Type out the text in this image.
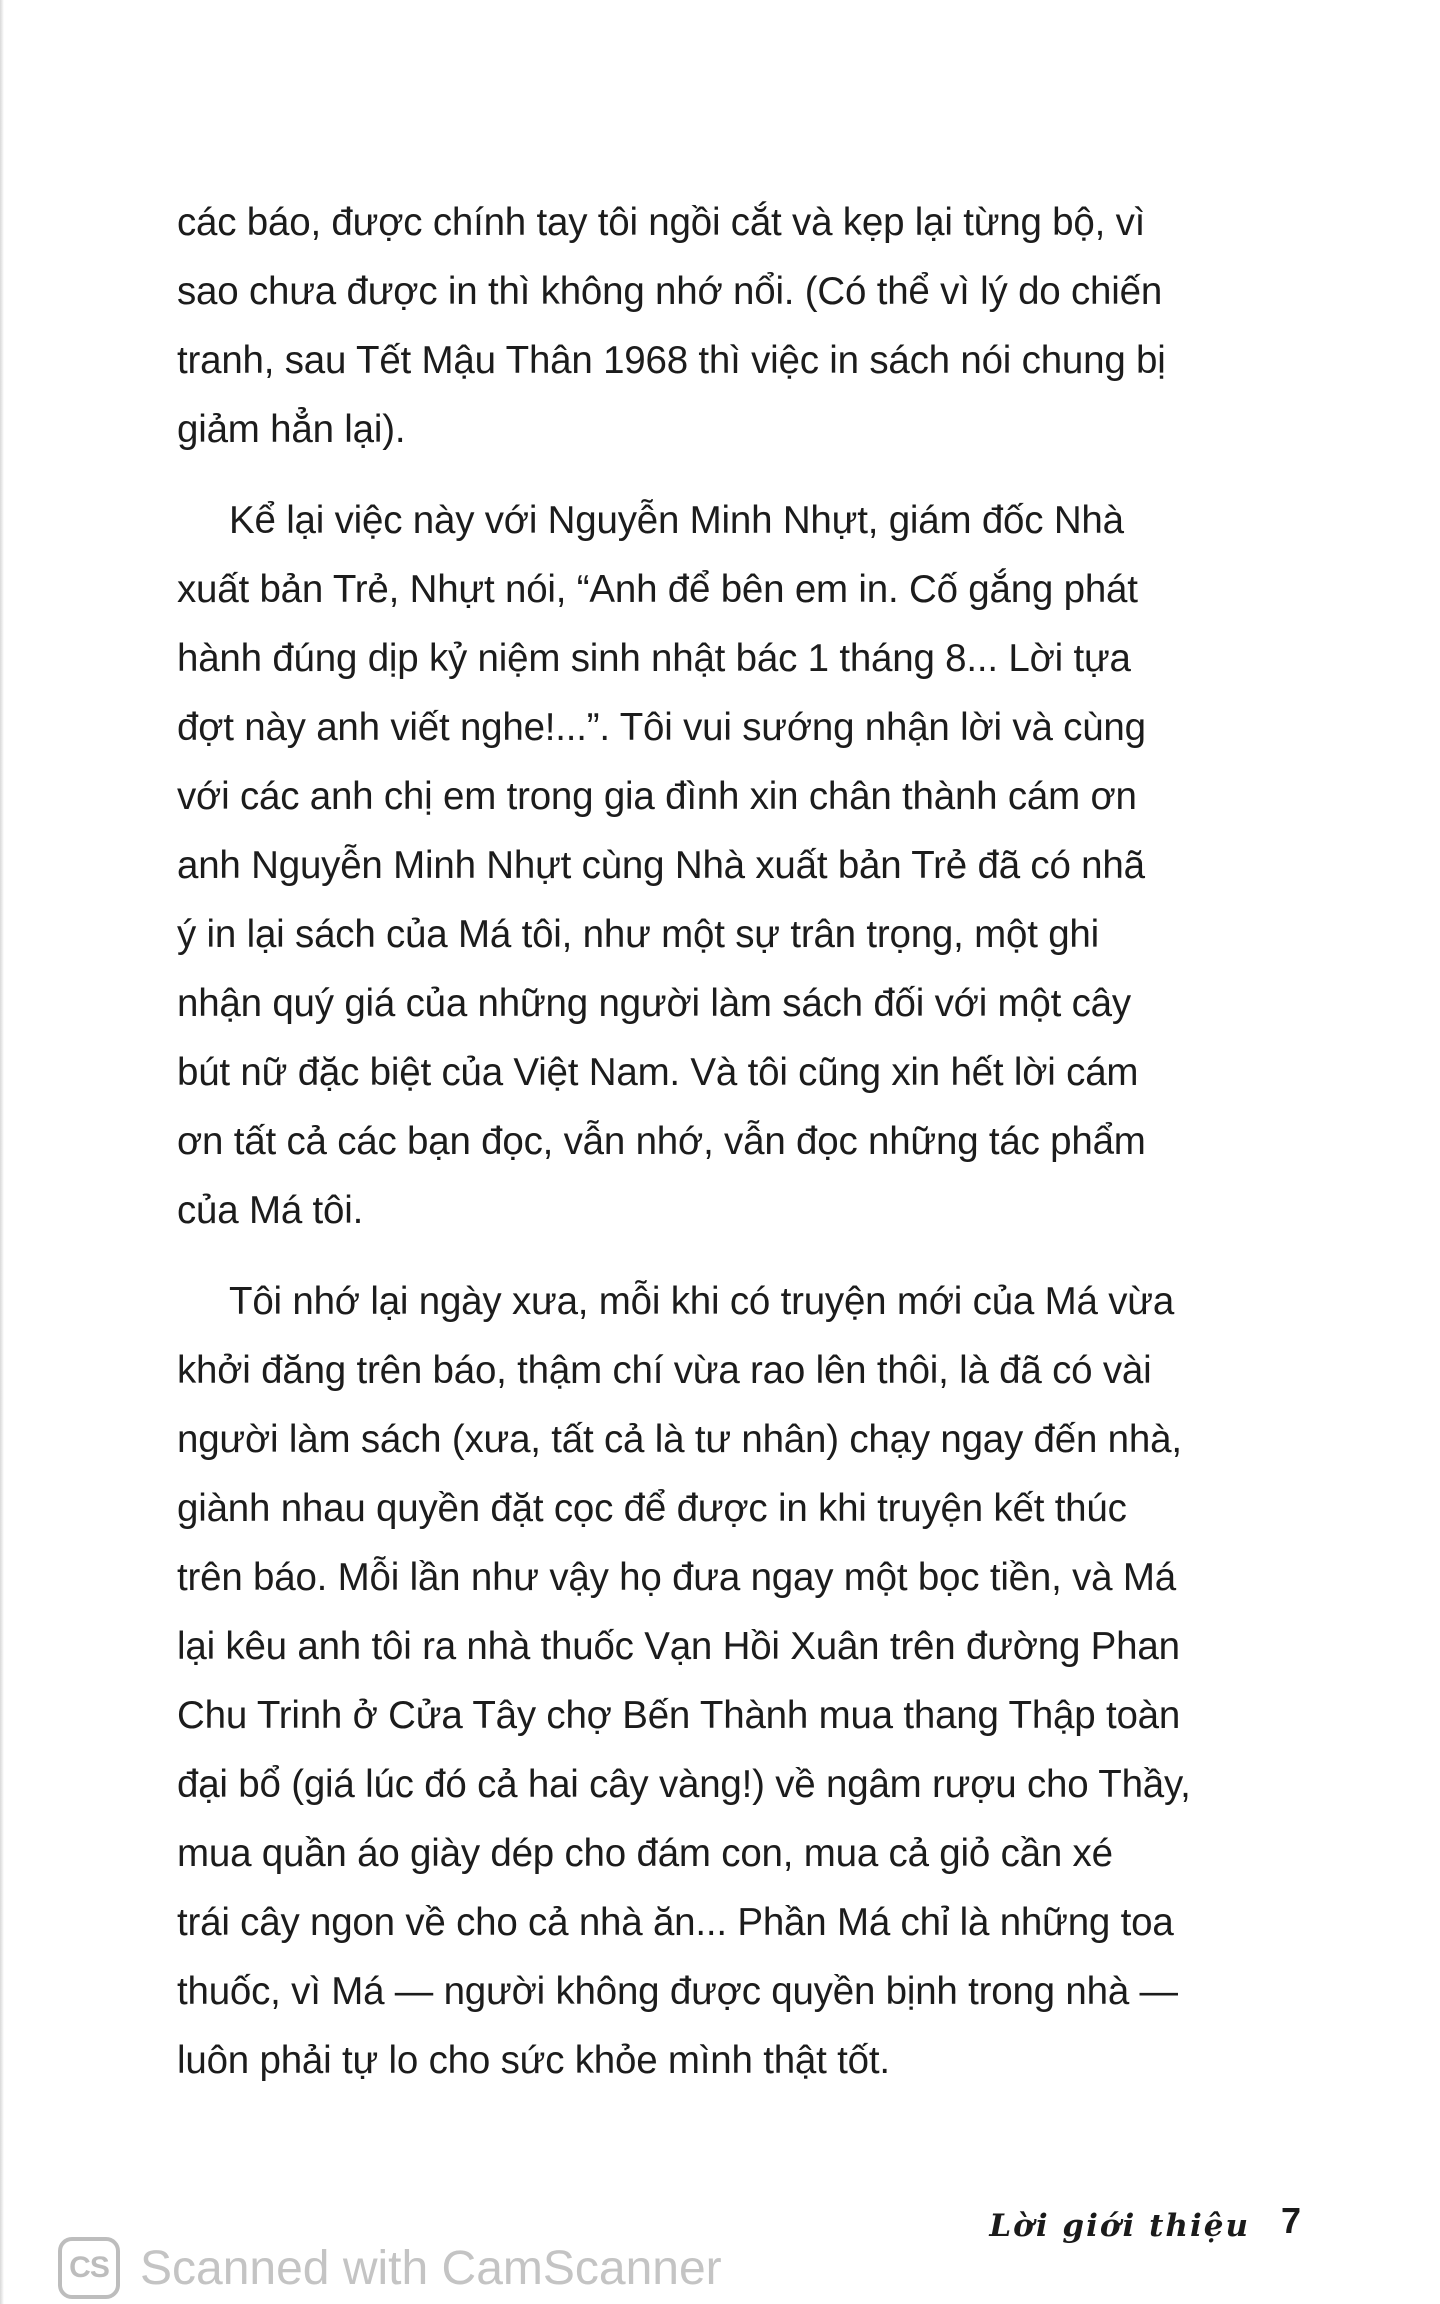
các báo, được chính tay tôi ngồi cắt và kẹp lại từng bộ, vì
sao chưa được in thì không nhớ nổi. (Có thể vì lý do chiến
tranh, sau Tết Mậu Thân 1968 thì việc in sách nói chung bị
giảm hẳn lại).

Kể lại việc này với Nguyễn Minh Nhựt, giám đốc Nhà
xuất bản Trẻ, Nhựt nói, “Anh để bên em in. Cố gắng phát
hành đúng dịp kỷ niệm sinh nhật bác 1 tháng 8... Lời tựa
đợt này anh viết nghe!...”. Tôi vui sướng nhận lời và cùng
với các anh chị em trong gia đình xin chân thành cám ơn
anh Nguyễn Minh Nhựt cùng Nhà xuất bản Trẻ đã có nhã
ý in lại sách của Má tôi, như một sự trân trọng, một ghi
nhận quý giá của những người làm sách đối với một cây
bút nữ đặc biệt của Việt Nam. Và tôi cũng xin hết lời cám
ơn tất cả các bạn đọc, vẫn nhớ, vẫn đọc những tác phẩm
của Má tôi.

Tôi nhớ lại ngày xưa, mỗi khi có truyện mới của Má vừa
khởi đăng trên báo, thậm chí vừa rao lên thôi, là đã có vài
người làm sách (xưa, tất cả là tư nhân) chạy ngay đến nhà,
giành nhau quyền đặt cọc để được in khi truyện kết thúc
trên báo. Mỗi lần như vậy họ đưa ngay một bọc tiền, và Má
lại kêu anh tôi ra nhà thuốc Vạn Hồi Xuân trên đường Phan
Chu Trinh ở Cửa Tây chợ Bến Thành mua thang Thập toàn
đại bổ (giá lúc đó cả hai cây vàng!) về ngâm rượu cho Thầy,
mua quần áo giày dép cho đám con, mua cả giỏ cần xé
trái cây ngon về cho cả nhà ăn... Phần Má chỉ là những toa
thuốc, vì Má — người không được quyền bịnh trong nhà —
luôn phải tự lo cho sức khỏe mình thật tốt.

Lời giới thiệu 7
CS Scanned with CamScanner
